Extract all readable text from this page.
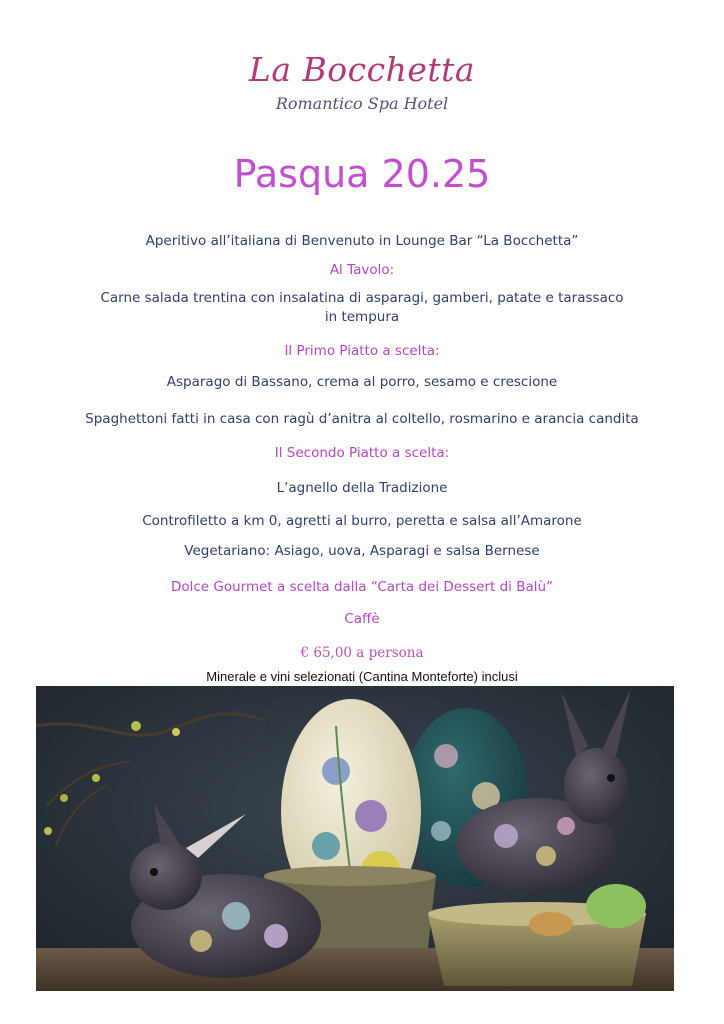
La Bocchetta
Romantico Spa Hotel
Pasqua 20.25
Aperitivo all’italiana di Benvenuto in Lounge Bar “La Bocchetta”
Al Tavolo:
Carne salada trentina con insalatina di asparagi, gamberi, patate e tarassaco in tempura
Il Primo Piatto a scelta:
Asparago di Bassano, crema al porro, sesamo e crescione
Spaghettoni fatti in casa con ragù d’anitra al coltello, rosmarino e arancia candita
Il Secondo Piatto a scelta:
L’agnello della Tradizione
Controfiletto a km 0, agretti al burro, peretta e salsa all’Amarone
Vegetariano: Asiago, uova, Asparagi e salsa Bernese
Dolce Gourmet a scelta dalla “Carta dei Dessert di Balù”
Caffè
€ 65,00 a persona
Minerale e vini selezionati (Cantina Monteforte) inclusi
